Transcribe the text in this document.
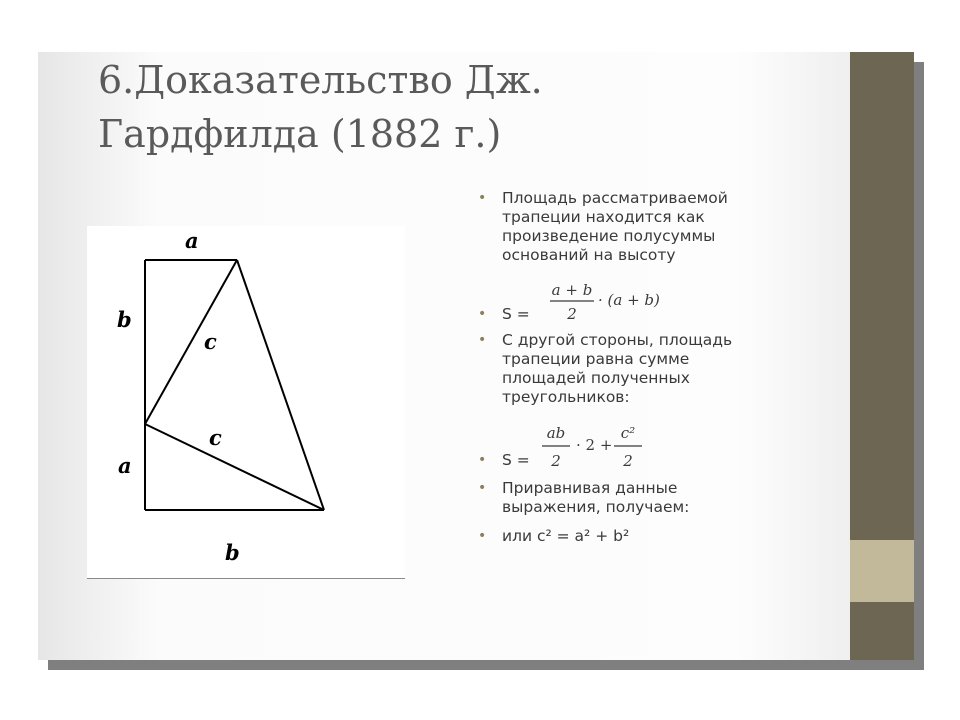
6.Доказательство Дж.
Гардфилда (1882 г.)
a
b
c
c
a
b
• Площадь рассматриваемой
трапеции находится как
произведение полусуммы
оснований на высоту
• S =
a + b
2
· (a + b)
• С другой стороны, площадь
трапеции равна сумме
площадей полученных
треугольников:
ab
2
· 2 +
c²
2
• S =
• Приравнивая данные
выражения, получаем:
• или c² = a² + b²
